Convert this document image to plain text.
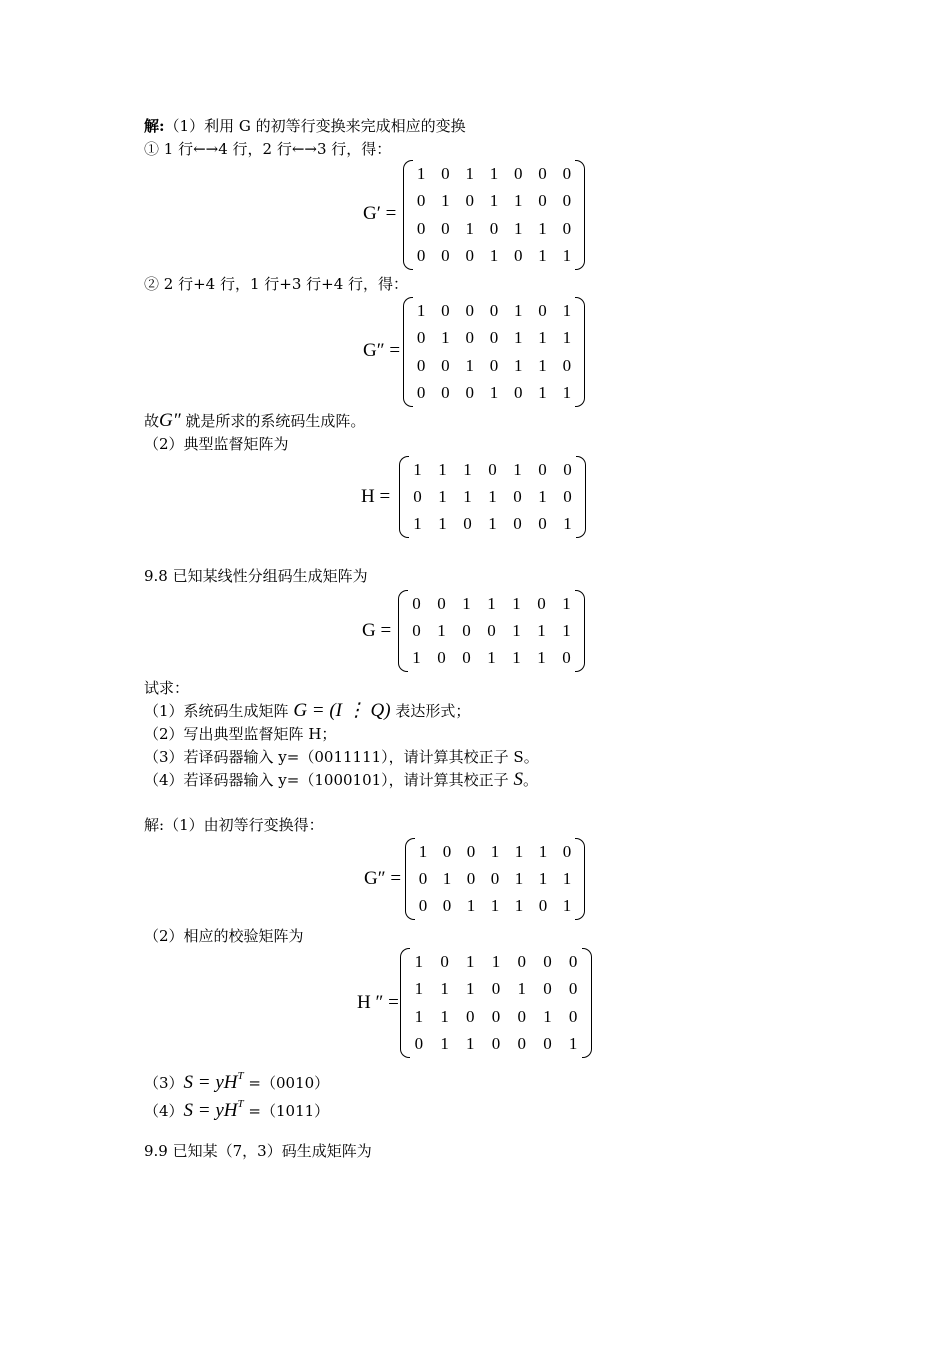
解:（1）利用 G 的初等行变换来完成相应的变换
① 1 行←→4 行，2 行←→3 行，得：
G′ =
1 0 1 1 0 0 0
0 1 0 1 1 0 0
0 0 1 0 1 1 0
0 0 0 1 0 1 1
② 2 行+4 行，1 行+3 行+4 行，得：
G″ =
1 0 0 0 1 0 1
0 1 0 0 1 1 1
0 0 1 0 1 1 0
0 0 0 1 0 1 1
故G″ 就是所求的系统码生成阵。
（2）典型监督矩阵为
H =
1 1 1 0 1 0 0
0 1 1 1 0 1 0
1 1 0 1 0 0 1
9.8 已知某线性分组码生成矩阵为
G =
0 0 1 1 1 0 1
0 1 0 0 1 1 1
1 0 0 1 1 1 0
试求：
（1）系统码生成矩阵 G = (I ⋮ Q) 表达形式；
（2）写出典型监督矩阵 H；
（3）若译码器输入 y=（0011111），请计算其校正子 S。
（4）若译码器输入 y=（1000101），请计算其校正子 S。
解:（1）由初等行变换得：
G″ =
1 0 0 1 1 1 0
0 1 0 0 1 1 1
0 0 1 1 1 0 1
（2）相应的校验矩阵为
H ″ =
1	0	1	1	0	0	0
1	1	1	0	1	0	0
1	1	0	0	0	1	0
0	1	1	0	0	0	1
$(3)S = yH^T =(0010)$
$(4)S = yH^T =(1011)$
9.9 已知某（7，3）码生成矩阵为
